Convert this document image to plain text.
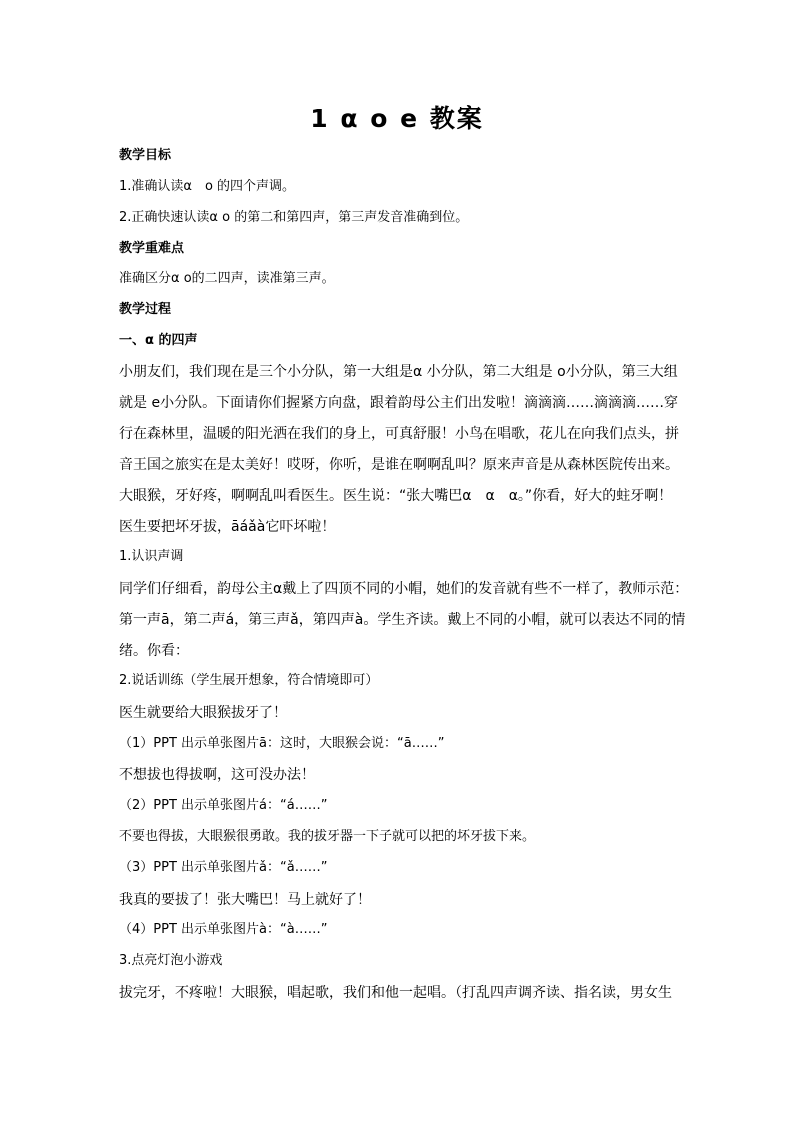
1 α o e 教案
教学目标
1.准确认读α　o 的四个声调。
2.正确快速认读α o 的第二和第四声，第三声发音准确到位。
教学重难点
准确区分α o的二四声，读准第三声。
教学过程
一、α 的四声
小朋友们，我们现在是三个小分队，第一大组是α 小分队，第二大组是 o小分队，第三大组
就是 e小分队。下面请你们握紧方向盘，跟着韵母公主们出发啦！滴滴滴……滴滴滴……穿
行在森林里，温暖的阳光洒在我们的身上，可真舒服！小鸟在唱歌，花儿在向我们点头，拼
音王国之旅实在是太美好！哎呀，你听，是谁在啊啊乱叫？原来声音是从森林医院传出来。
大眼猴，牙好疼，啊啊乱叫看医生。医生说：“张大嘴巴α　α　α。”你看，好大的蛀牙啊！
医生要把坏牙拔，āáǎà它吓坏啦！
1.认识声调
同学们仔细看，韵母公主α戴上了四顶不同的小帽，她们的发音就有些不一样了，教师示范：
第一声ā，第二声á，第三声ǎ，第四声à。学生齐读。戴上不同的小帽，就可以表达不同的情
绪。你看：
2.说话训练（学生展开想象，符合情境即可）
医生就要给大眼猴拔牙了！
（1）PPT 出示单张图片ā：这时，大眼猴会说：“ā……”
不想拔也得拔啊，这可没办法！
（2）PPT 出示单张图片á：“á……”
不要也得拔，大眼猴很勇敢。我的拔牙器一下子就可以把的坏牙拔下来。
（3）PPT 出示单张图片ǎ：“ǎ……”
我真的要拔了！张大嘴巴！马上就好了！
（4）PPT 出示单张图片à：“à……”
3.点亮灯泡小游戏
拔完牙，不疼啦！大眼猴，唱起歌，我们和他一起唱。（打乱四声调齐读、指名读，男女生
